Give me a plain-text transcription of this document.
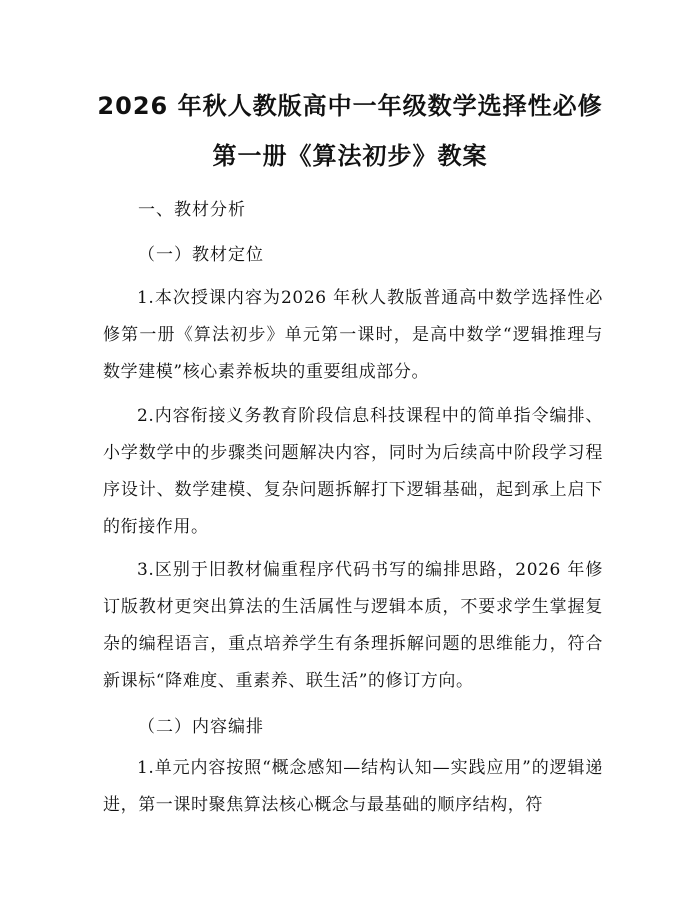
2026 年秋人教版高中一年级数学选择性必修
第一册《算法初步》教案
一、教材分析
（一）教材定位

1.本次授课内容为2026 年秋人教版普通高中数学选择性必修第一册《算法初步》单元第一课时，是高中数学“逻辑推理与数学建模”核心素养板块的重要组成部分。

2.内容衔接义务教育阶段信息科技课程中的简单指令编排、小学数学中的步骤类问题解决内容，同时为后续高中阶段学习程序设计、数学建模、复杂问题拆解打下逻辑基础，起到承上启下的衔接作用。

3.区别于旧教材偏重程序代码书写的编排思路，2026 年修订版教材更突出算法的生活属性与逻辑本质，不要求学生掌握复杂的编程语言，重点培养学生有条理拆解问题的思维能力，符合新课标“降难度、重素养、联生活”的修订方向。

（二）内容编排

1.单元内容按照“概念感知—结构认知—实践应用”的逻辑递进，第一课时聚焦算法核心概念与最基础的顺序结构，符
